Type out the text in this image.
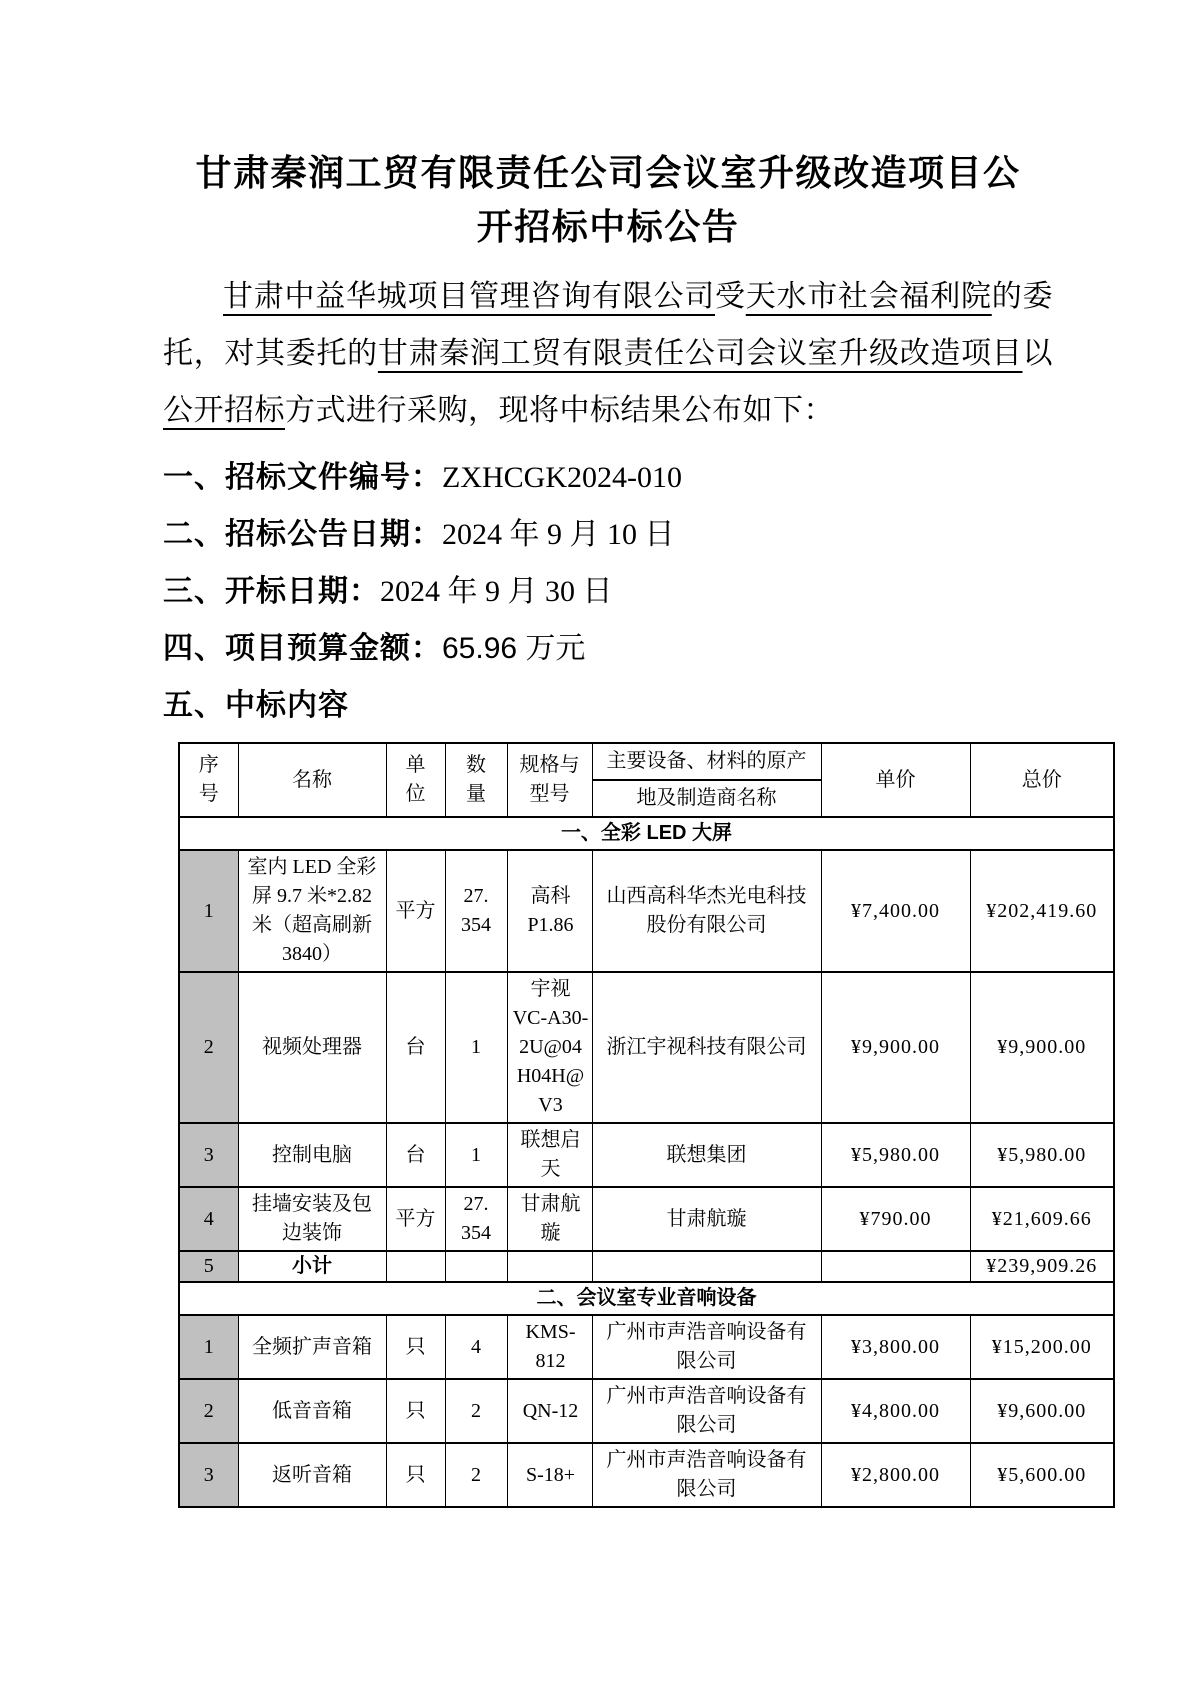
甘肃秦润工贸有限责任公司会议室升级改造项目公开招标中标公告

甘肃中益华城项目管理咨询有限公司受天水市社会福利院的委托，对其委托的甘肃秦润工贸有限责任公司会议室升级改造项目以公开招标方式进行采购，现将中标结果公布如下：

一、招标文件编号：ZXHCGK2024-010
二、招标公告日期：2024 年 9 月 10 日
三、开标日期：2024 年 9 月 30 日
四、项目预算金额：65.96 万元
五、中标内容
序号	名称	单位	数量	规格与型号	主要设备、材料的原产
地及制造商名称	单价	总价
一、全彩 LED 大屏							
1	室内 LED 全彩屏 9.7 米*2.82 米（超高刷新 3840）	平方	27.354	高科 P1.86	山西高科华杰光电科技股份有限公司	¥7,400.00	¥202,419.60
2	视频处理器	台	1	宇视 VC-A30-2U@04H04H@V3	浙江宇视科技有限公司	¥9,900.00	¥9,900.00
3	控制电脑	台	1	联想启天	联想集团	¥5,980.00	¥5,980.00
4	挂墙安装及包边装饰	平方	27.354	甘肃航璇	甘肃航璇	¥790.00	¥21,609.66
5	小计						¥239,909.26
二、会议室专业音响设备							
1	全频扩声音箱	只	4	KMS-812	广州市声浩音响设备有限公司	¥3,800.00	¥15,200.00
2	低音音箱	只	2	QN-12	广州市声浩音响设备有限公司	¥4,800.00	¥9,600.00
3	返听音箱	只	2	S-18+	广州市声浩音响设备有限公司	¥2,800.00	¥5,600.00
